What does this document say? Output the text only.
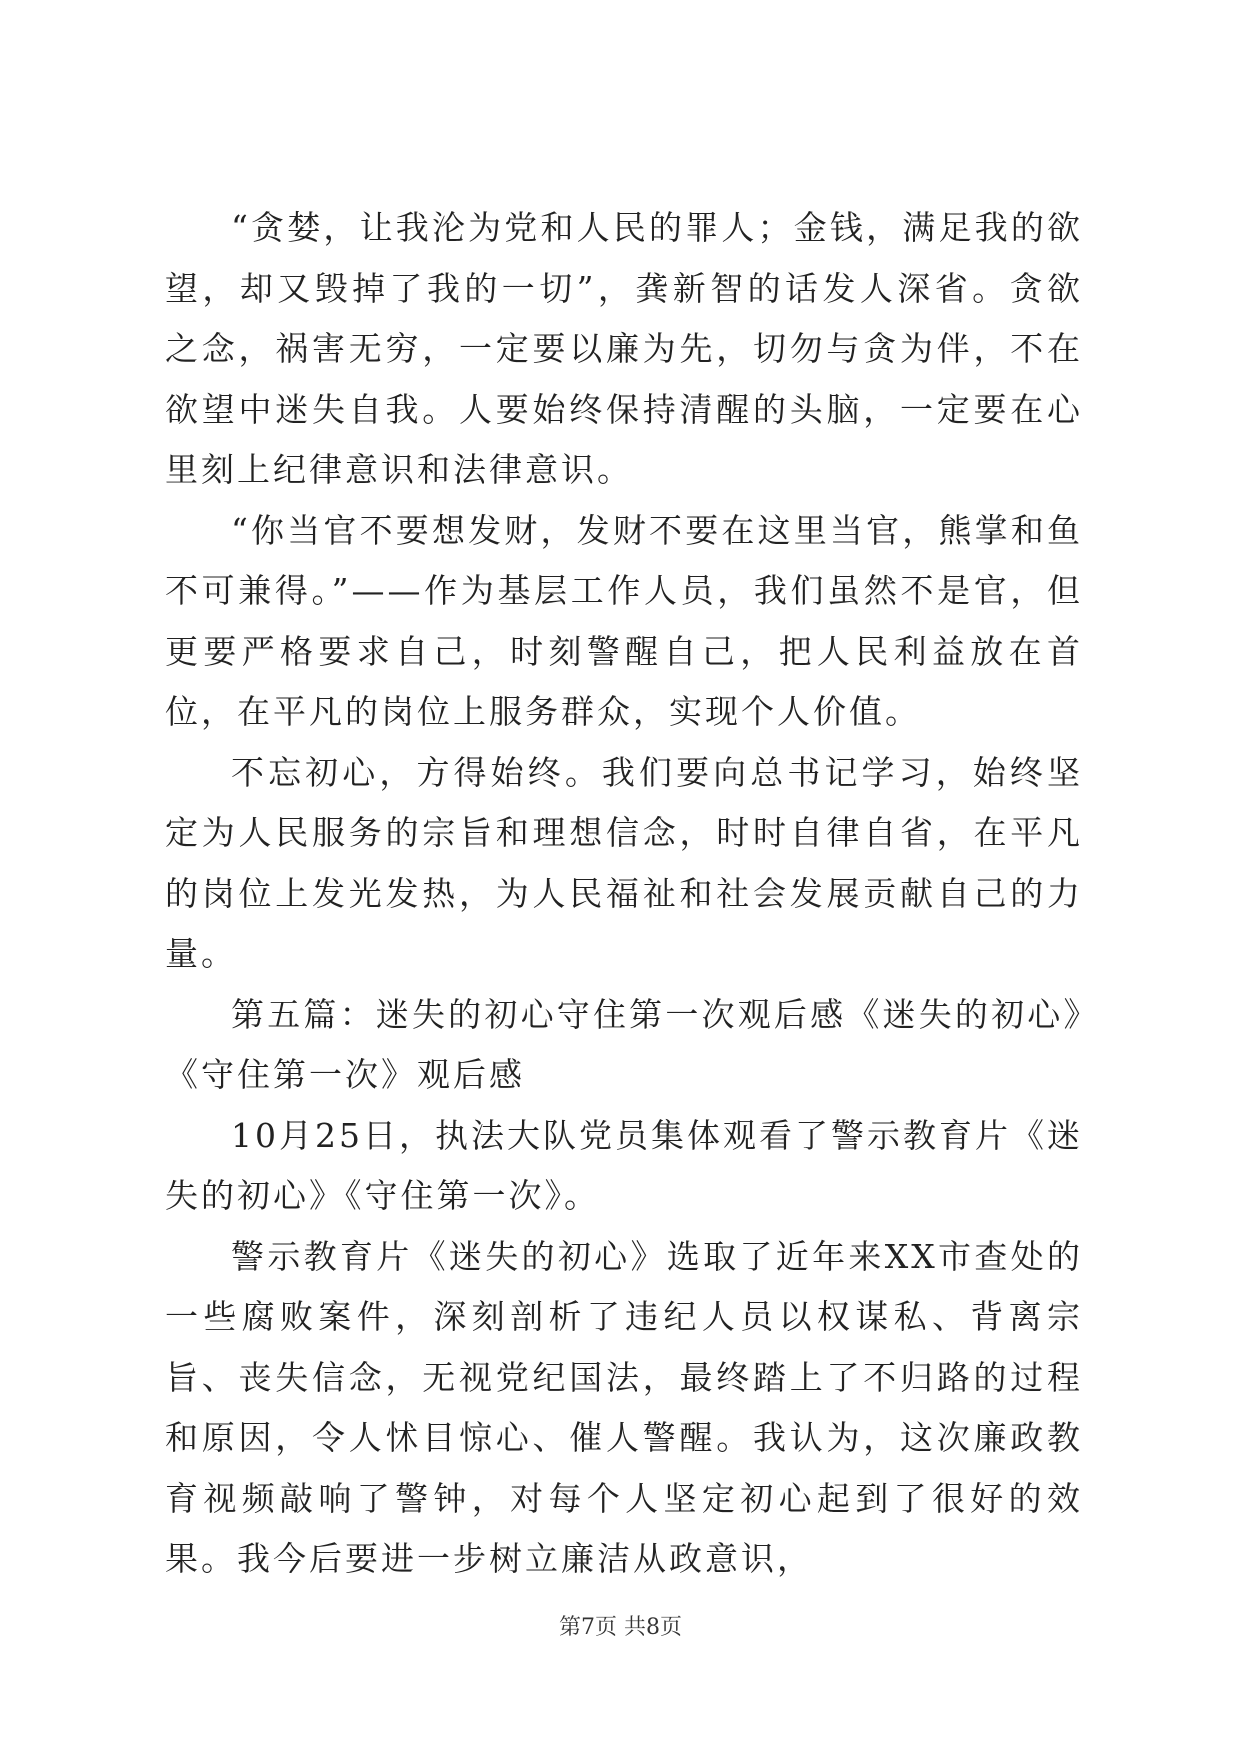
“贪婪，让我沦为党和人民的罪人；金钱，满足我的欲望，却又毁掉了我的一切”，龚新智的话发人深省。贪欲之念，祸害无穷，一定要以廉为先，切勿与贪为伴，不在欲望中迷失自我。人要始终保持清醒的头脑，一定要在心里刻上纪律意识和法律意识。

“你当官不要想发财，发财不要在这里当官，熊掌和鱼不可兼得。”——作为基层工作人员，我们虽然不是官，但更要严格要求自己，时刻警醒自己，把人民利益放在首位，在平凡的岗位上服务群众，实现个人价值。

不忘初心，方得始终。我们要向总书记学习，始终坚定为人民服务的宗旨和理想信念，时时自律自省，在平凡的岗位上发光发热，为人民福祉和社会发展贡献自己的力量。

第五篇：迷失的初心守住第一次观后感《迷失的初心》《守住第一次》观后感

10月25日，执法大队党员集体观看了警示教育片《迷失的初心》《守住第一次》。

警示教育片《迷失的初心》选取了近年来XX市查处的一些腐败案件，深刻剖析了违纪人员以权谋私、背离宗旨、丧失信念，无视党纪国法，最终踏上了不归路的过程和原因，令人怵目惊心、催人警醒。我认为，这次廉政教育视频敲响了警钟，对每个人坚定初心起到了很好的效果。我今后要进一步树立廉洁从政意识，

第7页 共8页
